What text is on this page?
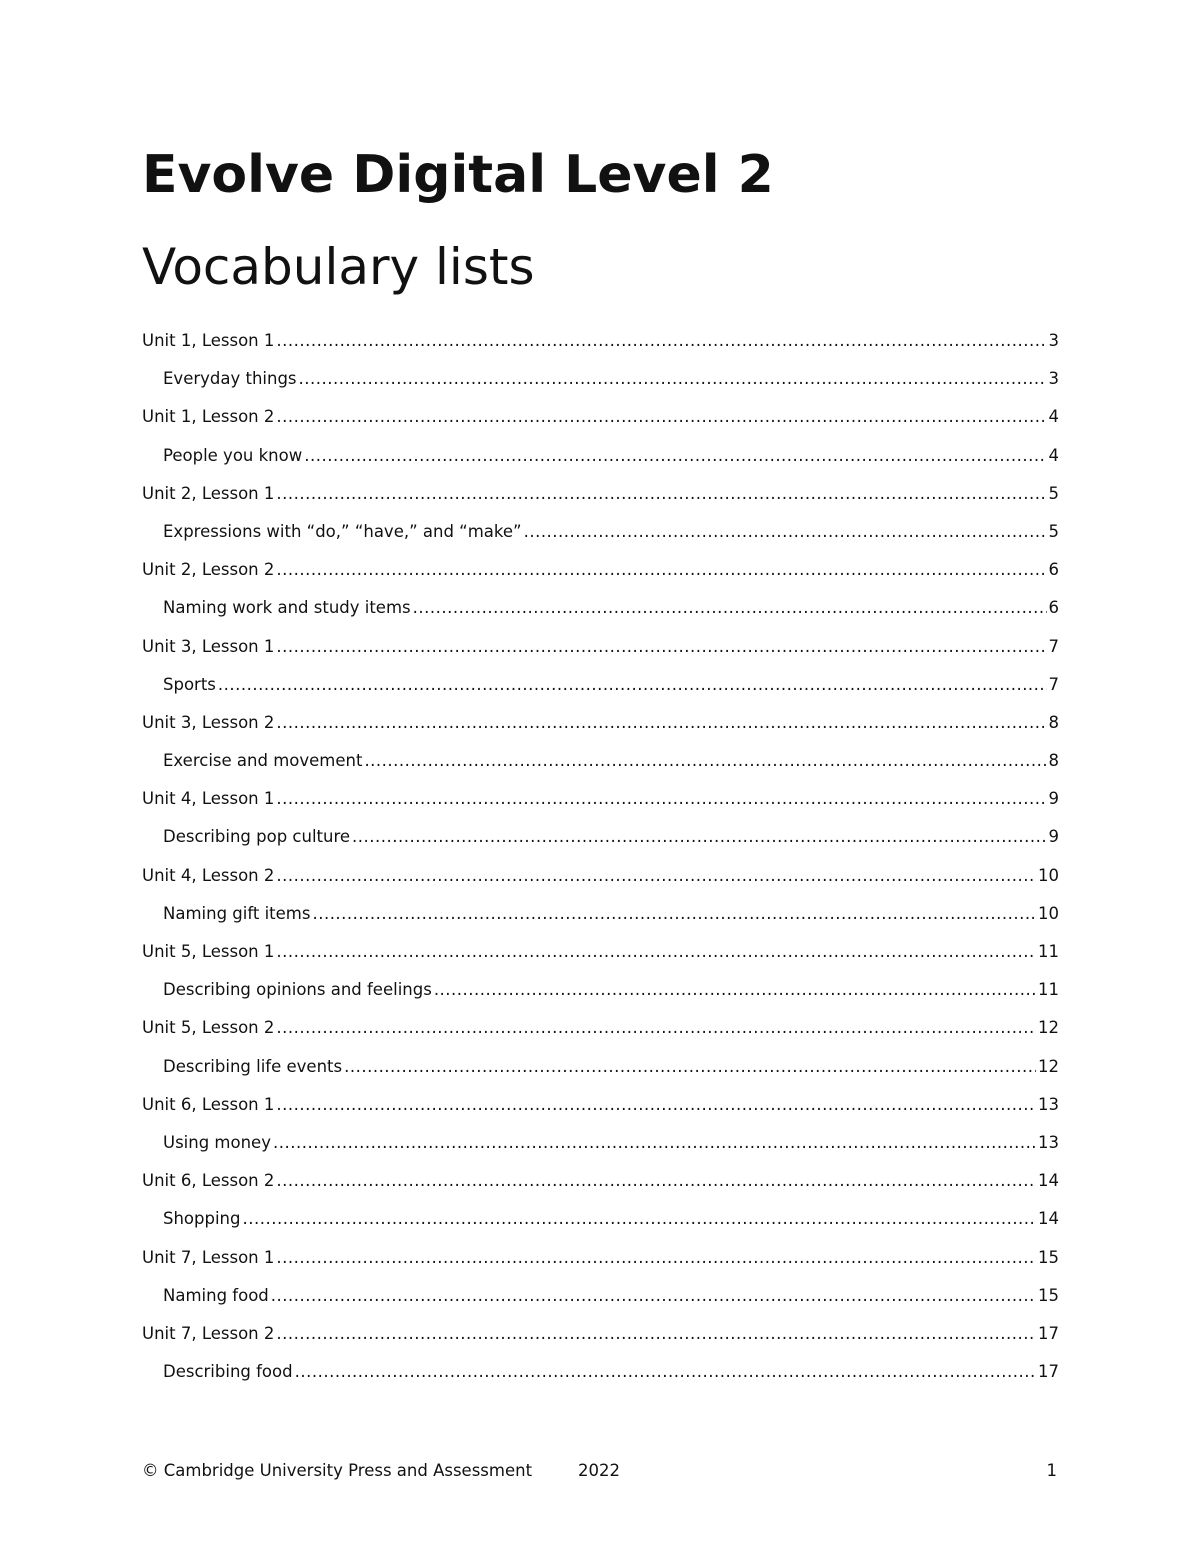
Evolve Digital Level 2
Vocabulary lists
Unit 1, Lesson 1 .....	3
Everyday things .....	3
Unit 1, Lesson 2 .....	4
People you know .....	4
Unit 2, Lesson 1 .....	5
Expressions with “do,” “have,” and “make” .....	5
Unit 2, Lesson 2 .....	6
Naming work and study items .....	6
Unit 3, Lesson 1 .....	7
Sports .....	7
Unit 3, Lesson 2 .....	8
Exercise and movement .....	8
Unit 4, Lesson 1 .....	9
Describing pop culture .....	9
Unit 4, Lesson 2 .....	10
Naming gift items .....	10
Unit 5, Lesson 1 .....	11
Describing opinions and feelings .....	11
Unit 5, Lesson 2 .....	12
Describing life events .....	12
Unit 6, Lesson 1 .....	13
Using money .....	13
Unit 6, Lesson 2 .....	14
Shopping .....	14
Unit 7, Lesson 1 .....	15
Naming food .....	15
Unit 7, Lesson 2 .....	17
Describing food .....	17
© Cambridge University Press and Assessment	2022	1
